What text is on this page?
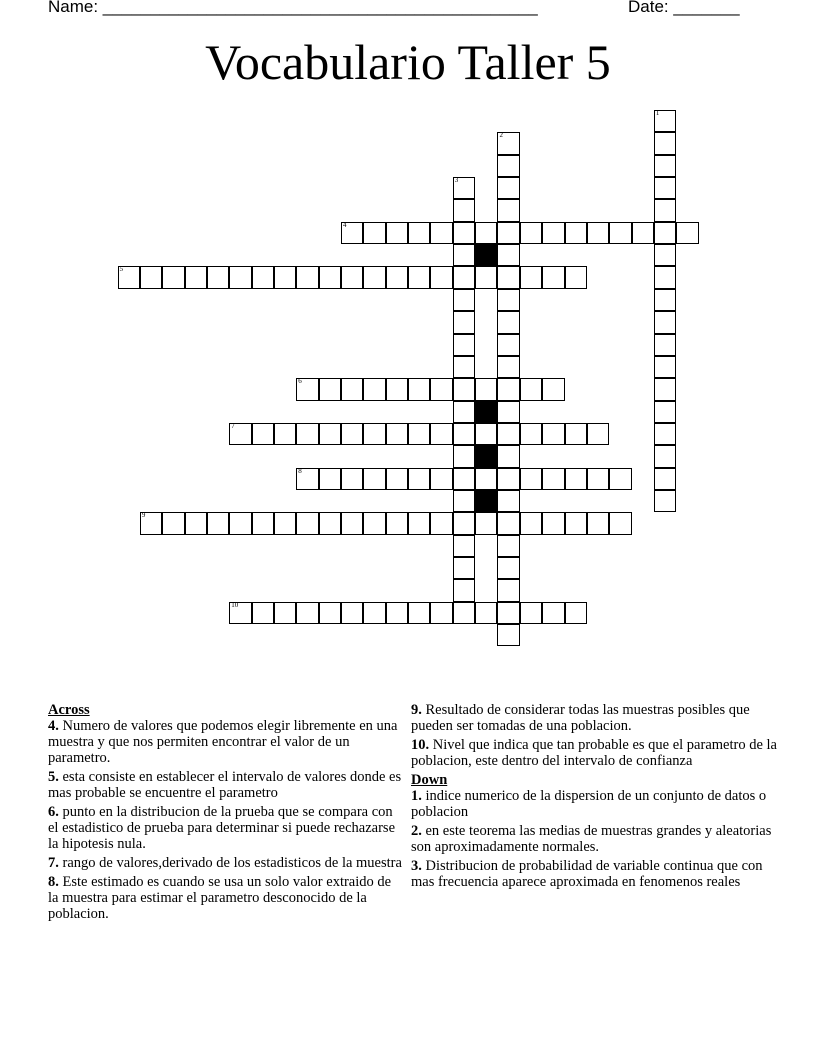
Name: ______________________________________________	Date: _______
Vocabulario Taller 5
1
2
3
4
5
6
7
8
9
10
Across
4. Numero de valores que podemos elegir libremente en una muestra y que nos permiten encontrar el valor de un parametro.
5. esta consiste en establecer el intervalo de valores donde es mas probable se encuentre el parametro
6. punto en la distribucion de la prueba que se compara con el estadistico de prueba para determinar si puede rechazarse la hipotesis nula.
7. rango de valores,derivado de los estadisticos de la muestra
8. Este estimado es cuando se usa un solo valor extraido de la muestra para estimar el parametro desconocido de la poblacion.
9. Resultado de considerar todas las muestras posibles que pueden ser tomadas de una poblacion.
10. Nivel que indica que tan probable es que el parametro de la poblacion, este dentro del intervalo de confianza
Down
1. indice numerico de la dispersion de un conjunto de datos o poblacion
2. en este teorema las medias de muestras grandes y aleatorias son aproximadamente normales.
3. Distribucion de probabilidad de variable continua que con mas frecuencia aparece aproximada en fenomenos reales
